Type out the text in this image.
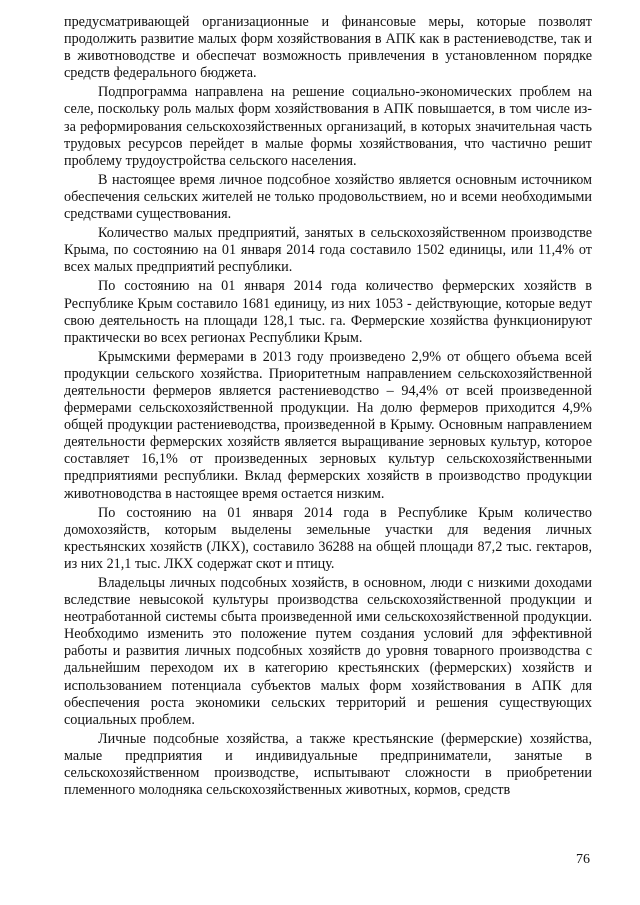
предусматривающей организационные и финансовые меры, которые позволят продолжить развитие малых форм хозяйствования в АПК как в растениеводстве, так и в животноводстве и обеспечат возможность привлечения в установленном порядке средств федерального бюджета.

Подпрограмма направлена на решение социально-экономических проблем на селе, поскольку роль малых форм хозяйствования в АПК повышается, в том числе из-за реформирования сельскохозяйственных организаций, в которых значительная часть трудовых ресурсов перейдет в малые формы хозяйствования, что частично решит проблему трудоустройства сельского населения.

В настоящее время личное подсобное хозяйство является основным источником обеспечения сельских жителей не только продовольствием, но и всеми необходимыми средствами существования.

Количество малых предприятий, занятых в сельскохозяйственном производстве Крыма, по состоянию на 01 января 2014 года составило 1502 единицы, или 11,4% от всех малых предприятий республики.

По состоянию на 01 января 2014 года количество фермерских хозяйств в Республике Крым составило 1681 единицу, из них 1053 - действующие, которые ведут свою деятельность на площади 128,1 тыс. га. Фермерские хозяйства функционируют практически во всех регионах Республики Крым.

Крымскими фермерами в 2013 году произведено 2,9% от общего объема всей продукции сельского хозяйства. Приоритетным направлением сельскохозяйственной деятельности фермеров является растениеводство – 94,4% от всей произведенной фермерами сельскохозяйственной продукции. На долю фермеров приходится 4,9% общей продукции растениеводства, произведенной в Крыму. Основным направлением деятельности фермерских хозяйств является выращивание зерновых культур, которое составляет 16,1% от произведенных зерновых культур сельскохозяйственными предприятиями республики. Вклад фермерских хозяйств в производство продукции животноводства в настоящее время остается низким.

По состоянию на 01 января 2014 года в Республике Крым количество домохозяйств, которым выделены земельные участки для ведения личных крестьянских хозяйств (ЛКХ), составило 36288 на общей площади 87,2 тыс. гектаров, из них 21,1 тыс. ЛКХ содержат скот и птицу.

Владельцы личных подсобных хозяйств, в основном, люди с низкими доходами вследствие невысокой культуры производства сельскохозяйственной продукции и неотработанной системы сбыта произведенной ими сельскохозяйственной продукции. Необходимо изменить это положение путем создания условий для эффективной работы и развития личных подсобных хозяйств до уровня товарного производства с дальнейшим переходом их в категорию крестьянских (фермерских) хозяйств и использованием потенциала субъектов малых форм хозяйствования в АПК для обеспечения роста экономики сельских территорий и решения существующих социальных проблем.

Личные подсобные хозяйства, а также крестьянские (фермерские) хозяйства, малые предприятия и индивидуальные предприниматели, занятые в сельскохозяйственном производстве, испытывают сложности в приобретении племенного молодняка сельскохозяйственных животных, кормов, средств

76
